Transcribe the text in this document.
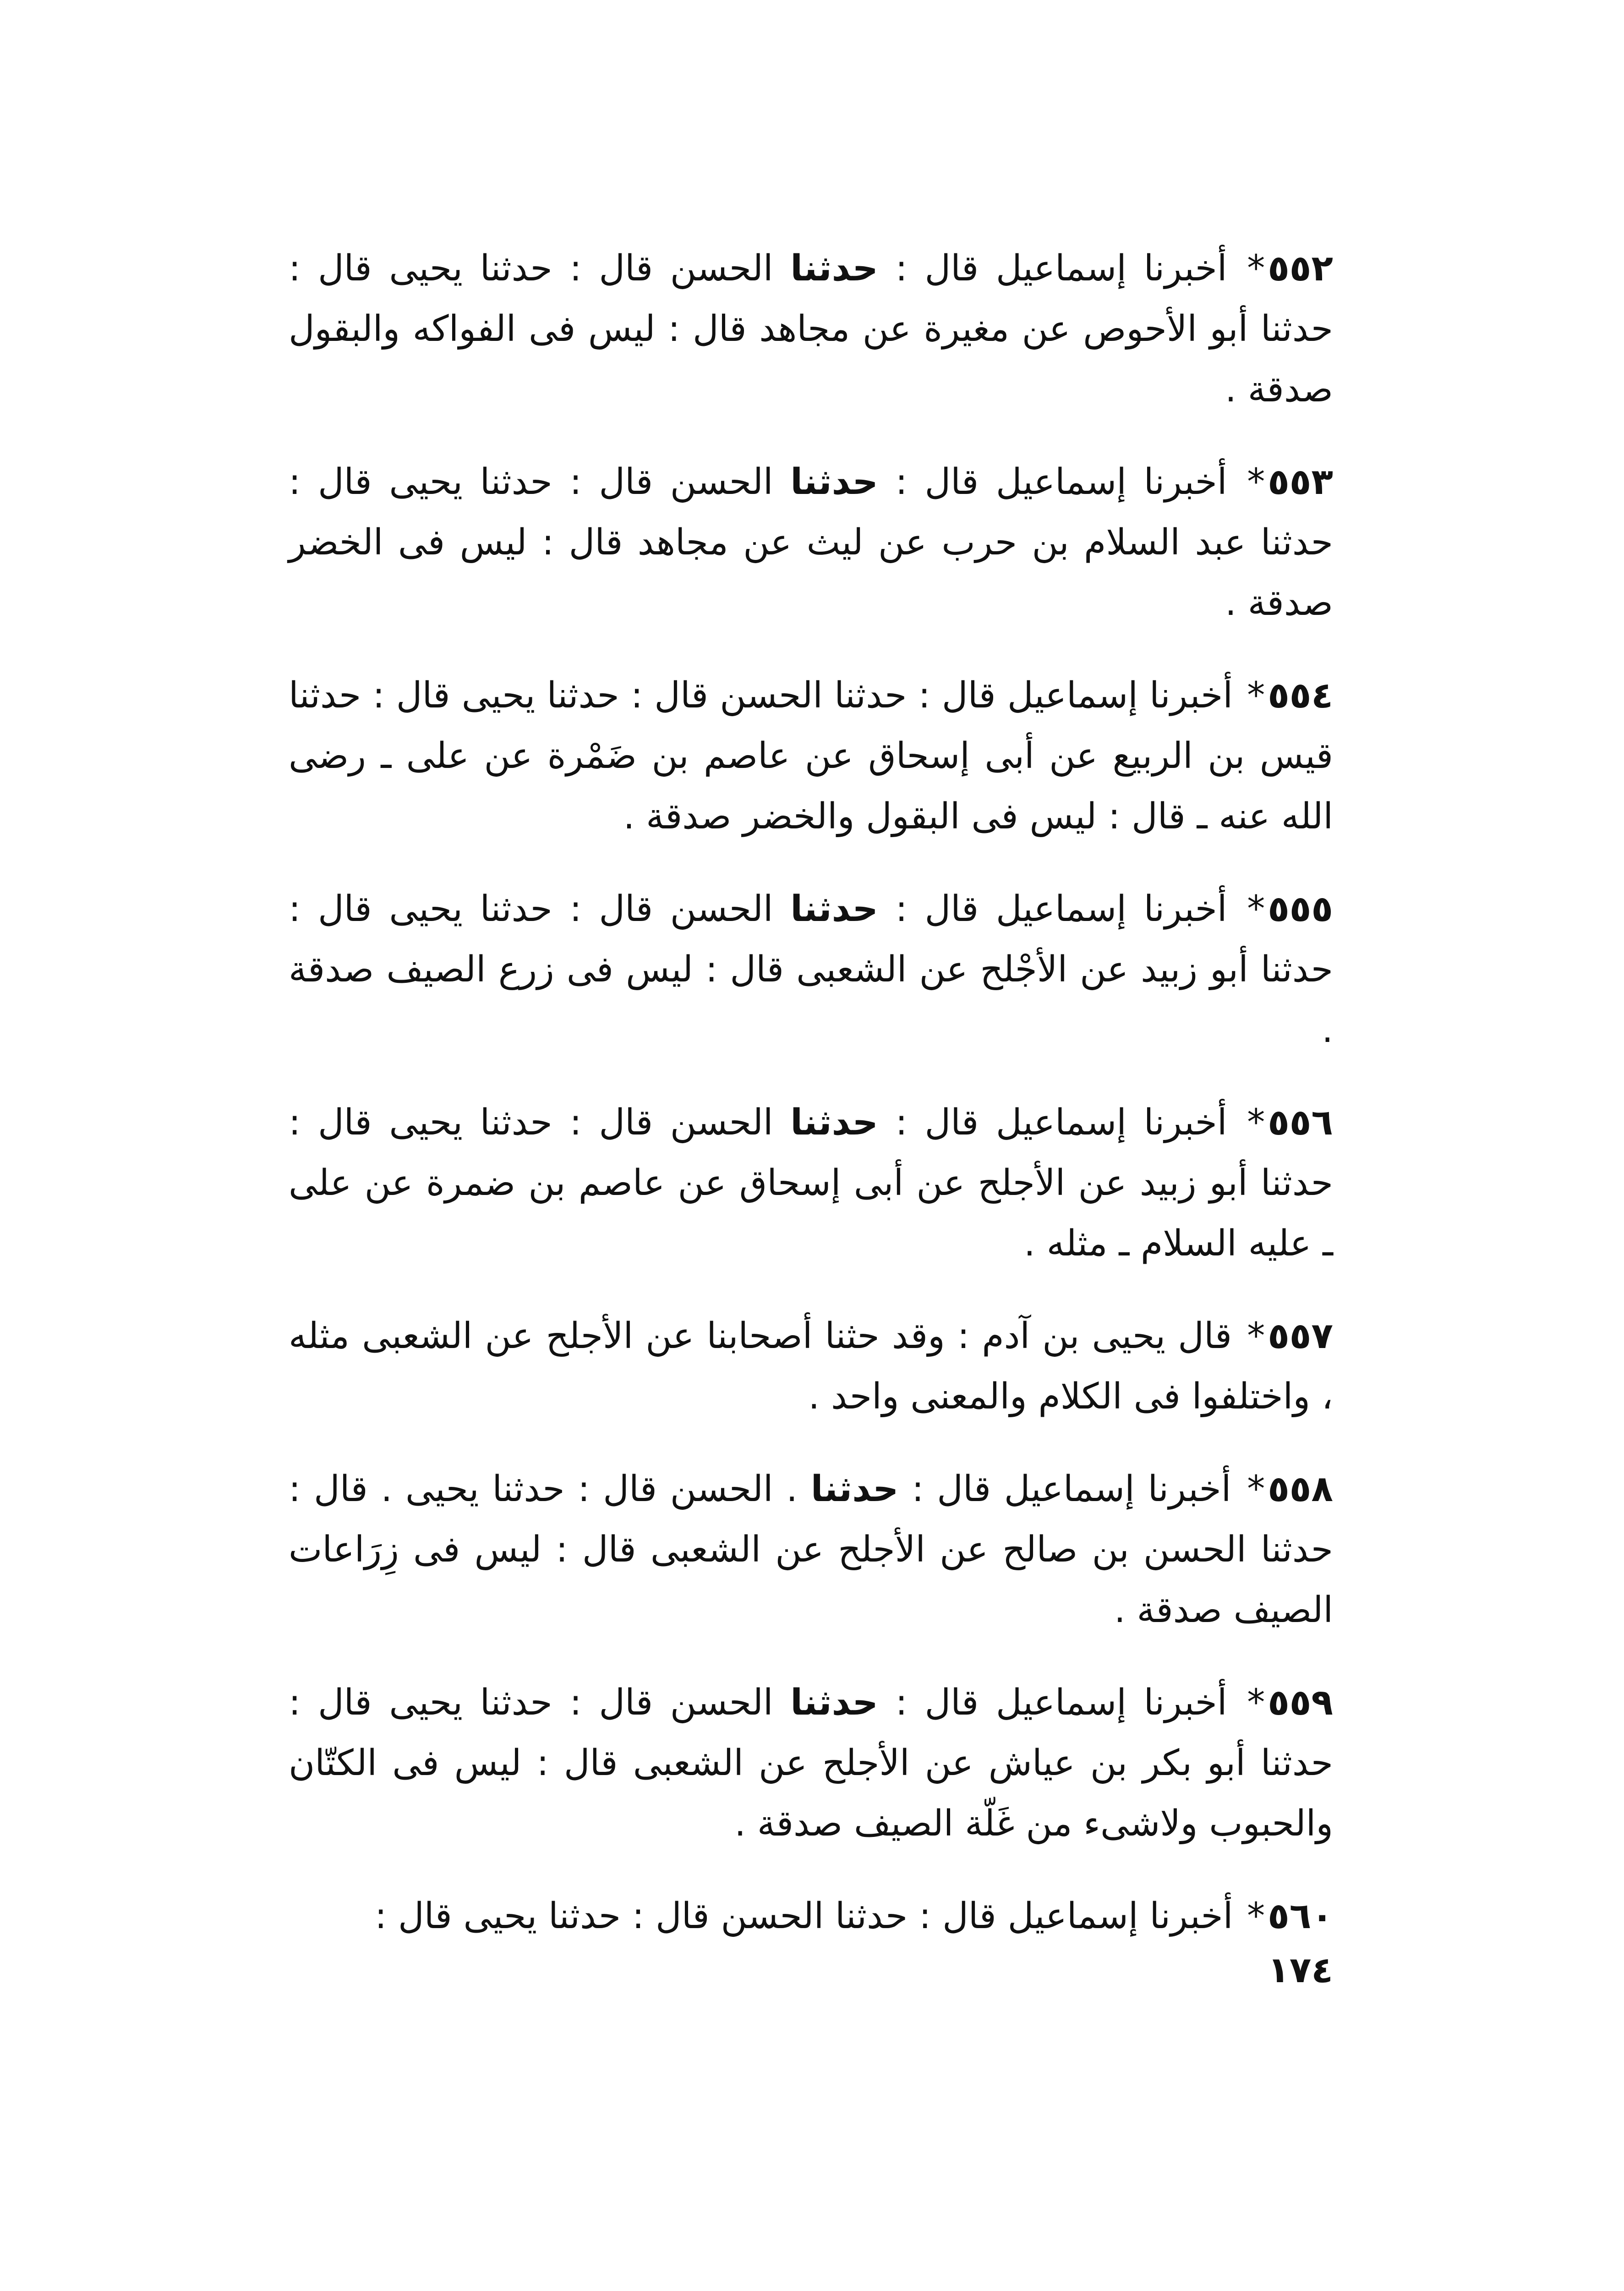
٥٥٢* أخبرنا إسماعيل قال : حدثنا الحسن قال : حدثنا يحيى قال : حدثنا أبو الأحوص عن مغيرة عن مجاهد قال : ليس فى الفواكه والبقول صدقة .

٥٥٣* أخبرنا إسماعيل قال : حدثنا الحسن قال : حدثنا يحيى قال : حدثنا عبد السلام بن حرب عن ليث عن مجاهد قال : ليس فى الخضر صدقة .

٥٥٤* أخبرنا إسماعيل قال : حدثنا الحسن قال : حدثنا يحيى قال : حدثنا قيس بن الربيع عن أبى إسحاق عن عاصم بن ضَمْرة عن على ـ رضى الله عنه ـ قال : ليس فى البقول والخضر صدقة .

٥٥٥* أخبرنا إسماعيل قال : حدثنا الحسن قال : حدثنا يحيى قال : حدثنا أبو زبيد عن الأجْلح عن الشعبى قال : ليس فى زرع الصيف صدقة .

٥٥٦* أخبرنا إسماعيل قال : حدثنا الحسن قال : حدثنا يحيى قال : حدثنا أبو زبيد عن الأجلح عن أبى إسحاق عن عاصم بن ضمرة عن على ـ عليه السلام ـ مثله .

٥٥٧* قال يحيى بن آدم : وقد حثنا أصحابنا عن الأجلح عن الشعبى مثله ، واختلفوا فى الكلام والمعنى واحد .

٥٥٨* أخبرنا إسماعيل قال : حدثنا . الحسن قال : حدثنا يحيى . قال : حدثنا الحسن بن صالح عن الأجلح عن الشعبى قال : ليس فى زِرَاعات الصيف صدقة .

٥٥٩* أخبرنا إسماعيل قال : حدثنا الحسن قال : حدثنا يحيى قال : حدثنا أبو بكر بن عياش عن الأجلح عن الشعبى قال : ليس فى الكتّان والحبوب ولاشىء من غَلّة الصيف صدقة .

٥٦٠* أخبرنا إسماعيل قال : حدثنا الحسن قال : حدثنا يحيى قال :

١٧٤
